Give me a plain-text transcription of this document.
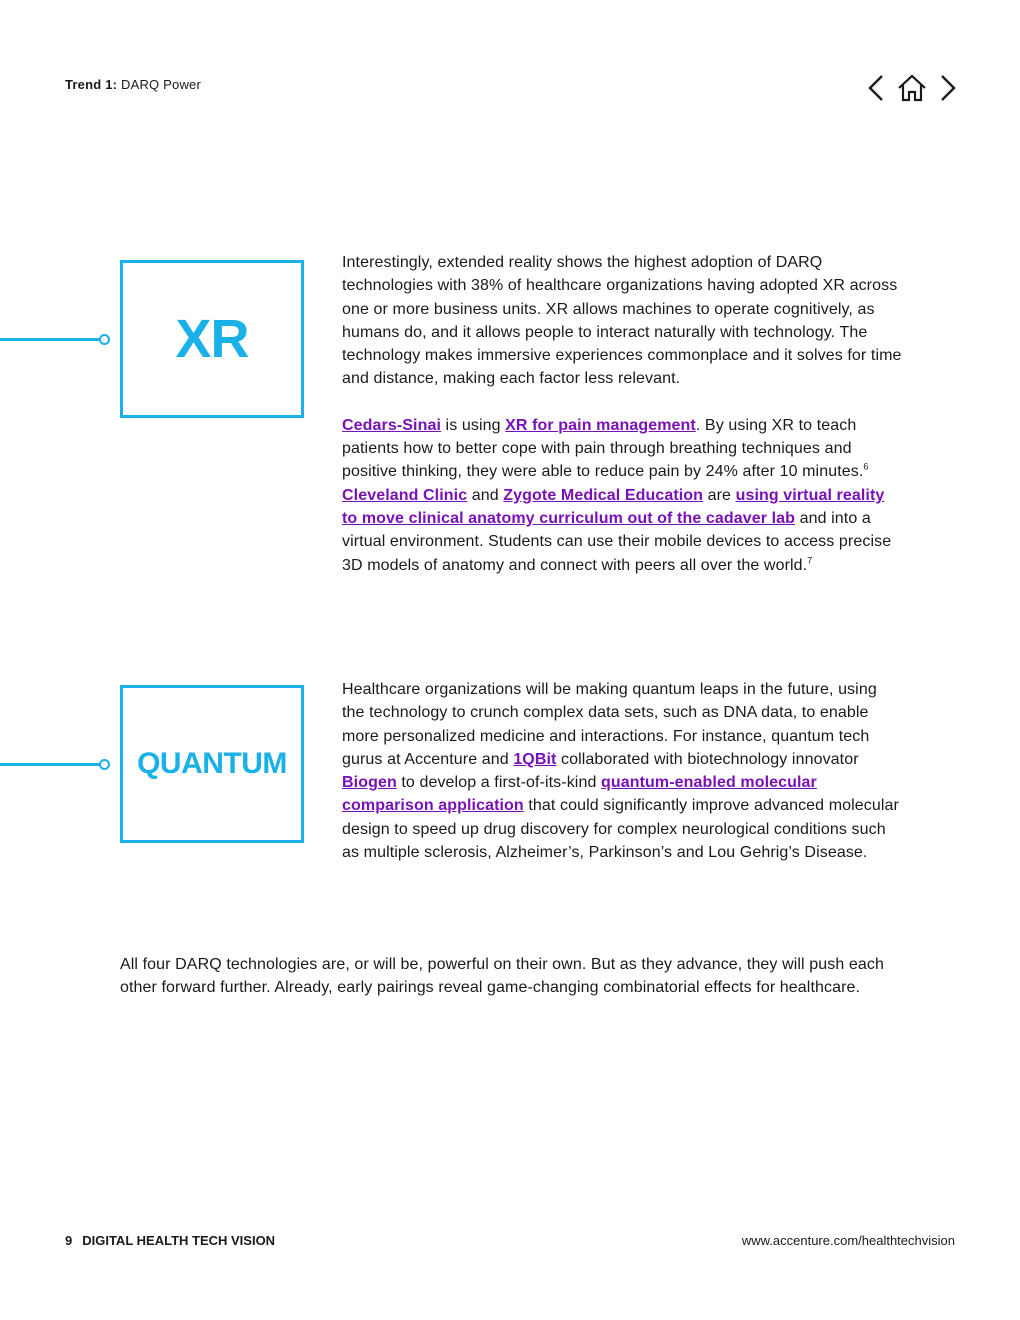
Trend 1: DARQ Power
XR

Interestingly, extended reality shows the highest adoption of DARQ technologies with 38% of healthcare organizations having adopted XR across one or more business units. XR allows machines to operate cognitively, as humans do, and it allows people to interact naturally with technology. The technology makes immersive experiences commonplace and it solves for time and distance, making each factor less relevant.

Cedars-Sinai is using XR for pain management. By using XR to teach patients how to better cope with pain through breathing techniques and positive thinking, they were able to reduce pain by 24% after 10 minutes.$^6$ Cleveland Clinic and Zygote Medical Education are using virtual reality to move clinical anatomy curriculum out of the cadaver lab and into a virtual environment. Students can use their mobile devices to access precise 3D models of anatomy and connect with peers all over the world.$^7$

QUANTUM

Healthcare organizations will be making quantum leaps in the future, using the technology to crunch complex data sets, such as DNA data, to enable more personalized medicine and interactions. For instance, quantum tech gurus at Accenture and 1QBit collaborated with biotechnology innovator Biogen to develop a first-of-its-kind quantum-enabled molecular comparison application that could significantly improve advanced molecular design to speed up drug discovery for complex neurological conditions such as multiple sclerosis, Alzheimer’s, Parkinson’s and Lou Gehrig’s Disease.

All four DARQ technologies are, or will be, powerful on their own. But as they advance, they will push each other forward further. Already, early pairings reveal game-changing combinatorial effects for healthcare.

9 DIGITAL HEALTH TECH VISION	www.accenture.com/healthtechvision
